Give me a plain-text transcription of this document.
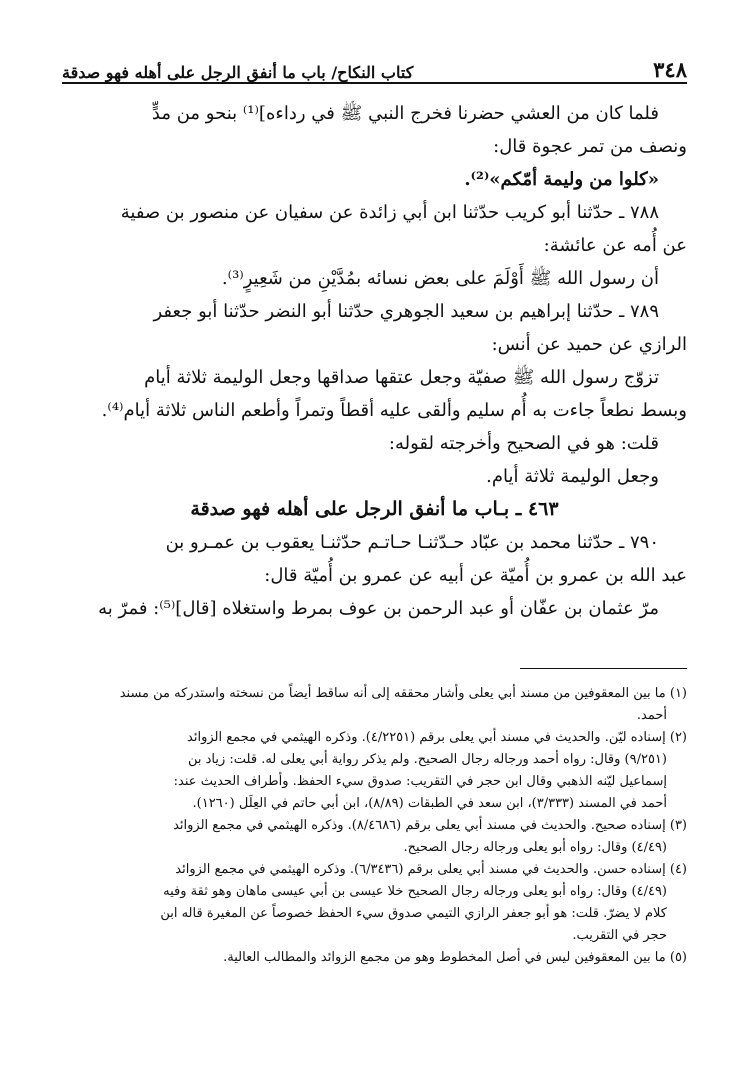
٣٤٨
كتاب النكاح/ باب ما أنفق الرجل على أهله فهو صدقة

فلما كان من العشي حضرنا فخرج النبي ﷺ في رداءه]⁽¹⁾ بنحو من مدٍّ

ونصف من تمر عجوة قال:

«كلوا من وليمة أمّكم»⁽²⁾.

٧٨٨ ـ حدّثنا أبو كريب حدّثنا ابن أبي زائدة عن سفيان عن منصور بن صفية

عن أُمه عن عائشة:

أن رسول الله ﷺ أَوْلَمَ على بعض نسائه بمُدَّيْنِ من شَعِيرٍ⁽³⁾.

٧٨٩ ـ حدّثنا إبراهيم بن سعيد الجوهري حدّثنا أبو النضر حدّثنا أبو جعفر

الرازي عن حميد عن أنس:

تزوّج رسول الله ﷺ صفيّة وجعل عتقها صداقها وجعل الوليمة ثلاثة أيام

وبسط نطعاً جاءت به أُم سليم وألقى عليه أقطاً وتمراً وأطعم الناس ثلاثة أيام⁽⁴⁾.

قلت: هو في الصحيح وأخرجته لقوله:

وجعل الوليمة ثلاثة أيام.

٤٦٣ ـ بـاب ما أنفق الرجل على أهله فهو صدقة

٧٩٠ ـ حدّثنا محمد بن عبّاد حـدّثنـا حـاتـم حدّثنـا يعقوب بن عمـرو بن

عبد الله بن عمرو بن أُميّة عن أبيه عن عمرو بن أُميّة قال:

مرّ عثمان بن عفّان أو عبد الرحمن بن عوف بمرط واستغلاه [قال]⁽⁵⁾: فمرّ به

(١) ما بين المعقوفين من مسند أبي يعلى وأشار محققه إلى أنه ساقط أيضاً من نسخته واستدركه من مسند

أحمد.

(٢) إسناده ليّن. والحديث في مسند أبي يعلى برقم (٤/٢٢٥١). وذكره الهيثمي في مجمع الزوائد

(٩/٢٥١) وقال: رواه أحمد ورجاله رجال الصحيح. ولم يذكر رواية أبي يعلى له. قلت: زياد بن

إسماعيل ليّنه الذهبي وقال ابن حجر في التقريب: صدوق سيء الحفظ. وأطراف الحديث عند:

أحمد في المسند (٣/٣٣٣)، ابن سعد في الطبقات (٨/٨٩)، ابن أبي حاتم في العِلَل (١٢٦٠).

(٣) إسناده صحيح. والحديث في مسند أبي يعلى برقم (٨/٤٦٨٦). وذكره الهيثمي في مجمع الزوائد

(٤/٤٩) وقال: رواه أبو يعلى ورجاله رجال الصحيح.

(٤) إسناده حسن. والحديث في مسند أبي يعلى برقم (٦/٣٤٣٦). وذكره الهيثمي في مجمع الزوائد

(٤/٤٩) وقال: رواه أبو يعلى ورجاله رجال الصحيح خلا عيسى بن أبي عيسى ماهان وهو ثقة وفيه

كلام لا يضرّ. قلت: هو أبو جعفر الرازي التيمي صدوق سيء الحفظ خصوصاً عن المغيرة قاله ابن

حجر في التقريب.

(٥) ما بين المعقوفين ليس في أصل المخطوط وهو من مجمع الزوائد والمطالب العالية.
